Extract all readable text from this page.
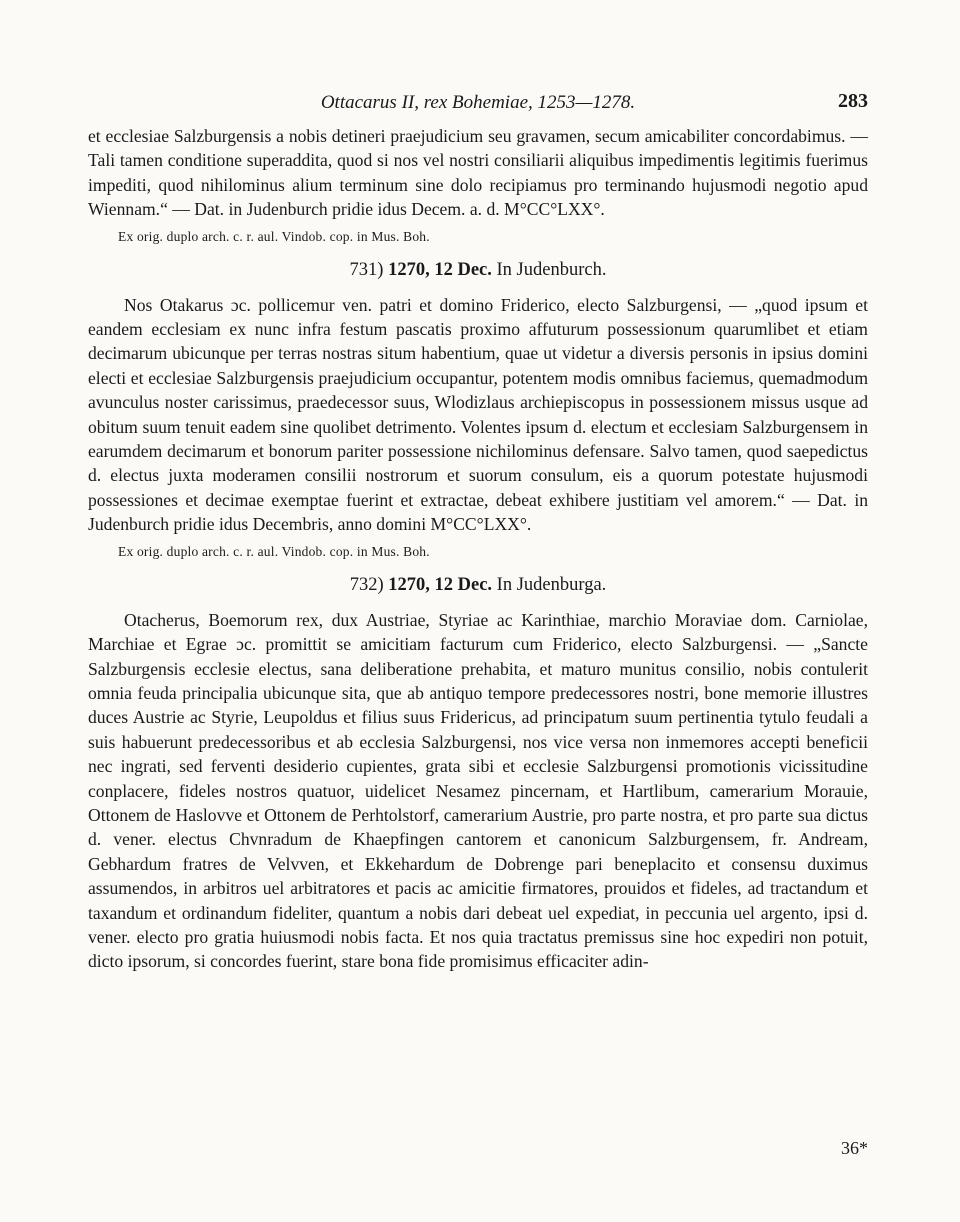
Ottacarus II, rex Bohemiae, 1253—1278.	283

et ecclesiae Salzburgensis a nobis detineri praejudicium seu gravamen, secum amicabiliter concordabimus. — Tali tamen conditione superaddita, quod si nos vel nostri consiliarii aliquibus impedimentis legitimis fuerimus impediti, quod nihilominus alium terminum sine dolo recipiamus pro terminando hujusmodi negotio apud Wiennam.“ — Dat. in Judenburch pridie idus Decem. a. d. M°CC°LXX°.

Ex orig. duplo arch. c. r. aul. Vindob. cop. in Mus. Boh.
731) 1270, 12 Dec. In Judenburch.

Nos Otakarus ɔc. pollicemur ven. patri et domino Friderico, electo Salzburgensi, — „quod ipsum et eandem ecclesiam ex nunc infra festum pascatis proximo affuturum possessionum quarumlibet et etiam decimarum ubicunque per terras nostras situm habentium, quae ut videtur a diversis personis in ipsius domini electi et ecclesiae Salzburgensis praejudicium occupantur, potentem modis omnibus faciemus, quemadmodum avunculus noster carissimus, praedecessor suus, Wlodizlaus archiepiscopus in possessionem missus usque ad obitum suum tenuit eadem sine quolibet detrimento. Volentes ipsum d. electum et ecclesiam Salzburgensem in earumdem decimarum et bonorum pariter possessione nichilominus defensare. Salvo tamen, quod saepedictus d. electus juxta moderamen consilii nostrorum et suorum consulum, eis a quorum potestate hujusmodi possessiones et decimae exemptae fuerint et extractae, debeat exhibere justitiam vel amorem.“ — Dat. in Judenburch pridie idus Decembris, anno domini M°CC°LXX°.

Ex orig. duplo arch. c. r. aul. Vindob. cop. in Mus. Boh.
732) 1270, 12 Dec. In Judenburga.

Otacherus, Boemorum rex, dux Austriae, Styriae ac Karinthiae, marchio Moraviae dom. Carniolae, Marchiae et Egrae ɔc. promittit se amicitiam facturum cum Friderico, electo Salzburgensi. — „Sancte Salzburgensis ecclesie electus, sana deliberatione prehabita, et maturo munitus consilio, nobis contulerit omnia feuda principalia ubicunque sita, que ab antiquo tempore predecessores nostri, bone memorie illustres duces Austrie ac Styrie, Leupoldus et filius suus Fridericus, ad principatum suum pertinentia tytulo feudali a suis habuerunt predecessoribus et ab ecclesia Salzburgensi, nos vice versa non inmemores accepti beneficii nec ingrati, sed ferventi desiderio cupientes, grata sibi et ecclesie Salzburgensi promotionis vicissitudine conplacere, fideles nostros quatuor, uidelicet Nesamez pincernam, et Hartlibum, camerarium Morauie, Ottonem de Haslovve et Ottonem de Perhtolstorf, camerarium Austrie, pro parte nostra, et pro parte sua dictus d. vener. electus Chvnradum de Khaepfingen cantorem et canonicum Salzburgensem, fr. Andream, Gebhardum fratres de Velvven, et Ekkehardum de Dobrenge pari beneplacito et consensu duximus assumendos, in arbitros uel arbitratores et pacis ac amicitie firmatores, prouidos et fideles, ad tractandum et taxandum et ordinandum fideliter, quantum a nobis dari debeat uel expediat, in peccunia uel argento, ipsi d. vener. electo pro gratia huiusmodi nobis facta. Et nos quia tractatus premissus sine hoc expediri non potuit, dicto ipsorum, si concordes fuerint, stare bona fide promisimus efficaciter adin-

36*
